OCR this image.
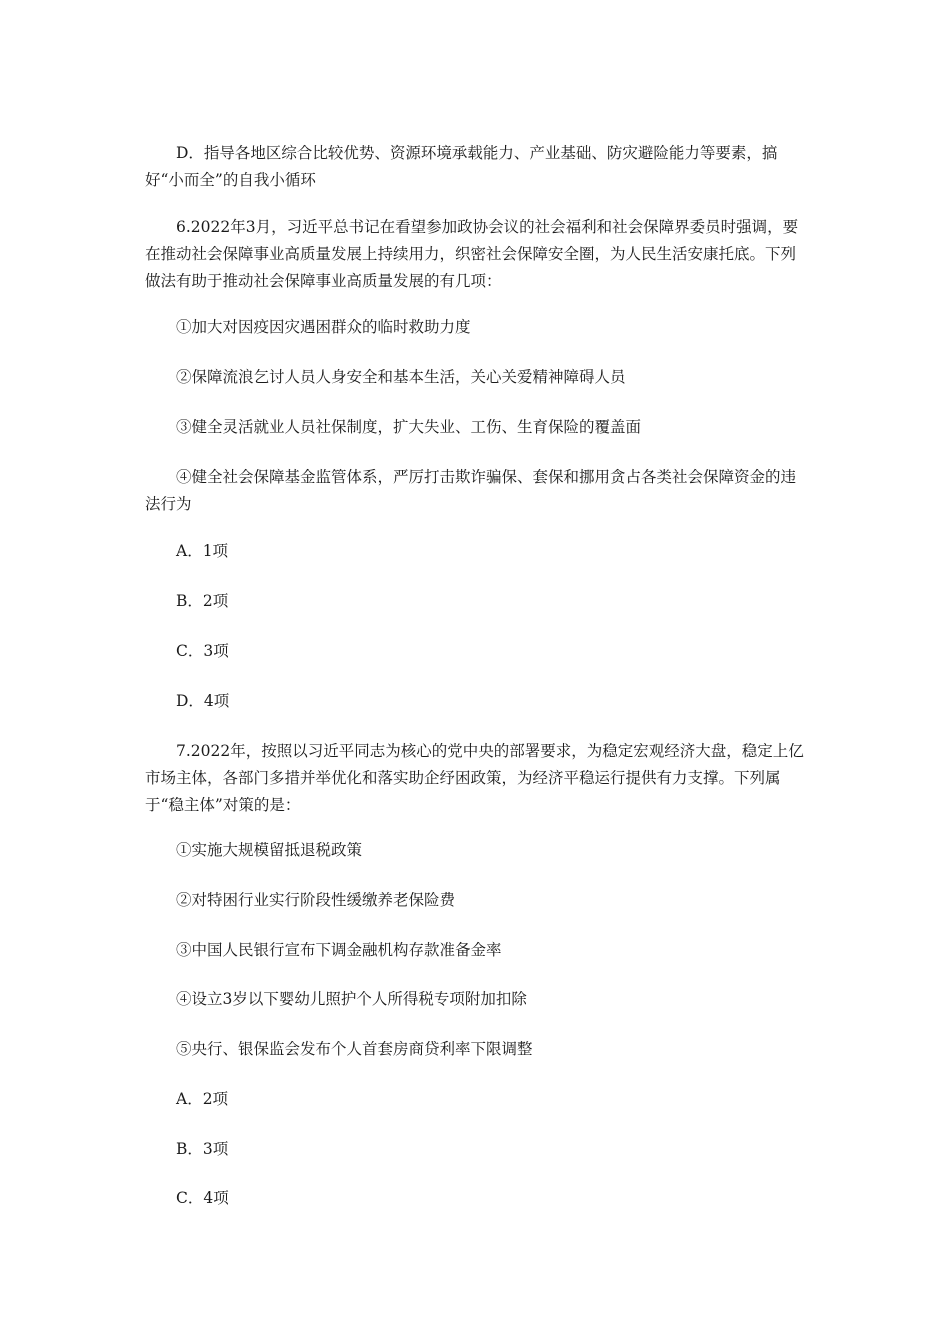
D．指导各地区综合比较优势、资源环境承载能力、产业基础、防灾避险能力等要素，搞好“小而全”的自我小循环

6.2022年3月，习近平总书记在看望参加政协会议的社会福利和社会保障界委员时强调，要在推动社会保障事业高质量发展上持续用力，织密社会保障安全圈，为人民生活安康托底。下列做法有助于推动社会保障事业高质量发展的有几项：

①加大对因疫因灾遇困群众的临时救助力度

②保障流浪乞讨人员人身安全和基本生活，关心关爱精神障碍人员

③健全灵活就业人员社保制度，扩大失业、工伤、生育保险的覆盖面

④健全社会保障基金监管体系，严厉打击欺诈骗保、套保和挪用贪占各类社会保障资金的违法行为

A．1项

B．2项

C．3项

D．4项

7.2022年，按照以习近平同志为核心的党中央的部署要求，为稳定宏观经济大盘，稳定上亿市场主体，各部门多措并举优化和落实助企纾困政策，为经济平稳运行提供有力支撑。下列属于“稳主体”对策的是：

①实施大规模留抵退税政策

②对特困行业实行阶段性缓缴养老保险费

③中国人民银行宣布下调金融机构存款准备金率

④设立3岁以下婴幼儿照护个人所得税专项附加扣除

⑤央行、银保监会发布个人首套房商贷利率下限调整

A．2项

B．3项

C．4项
